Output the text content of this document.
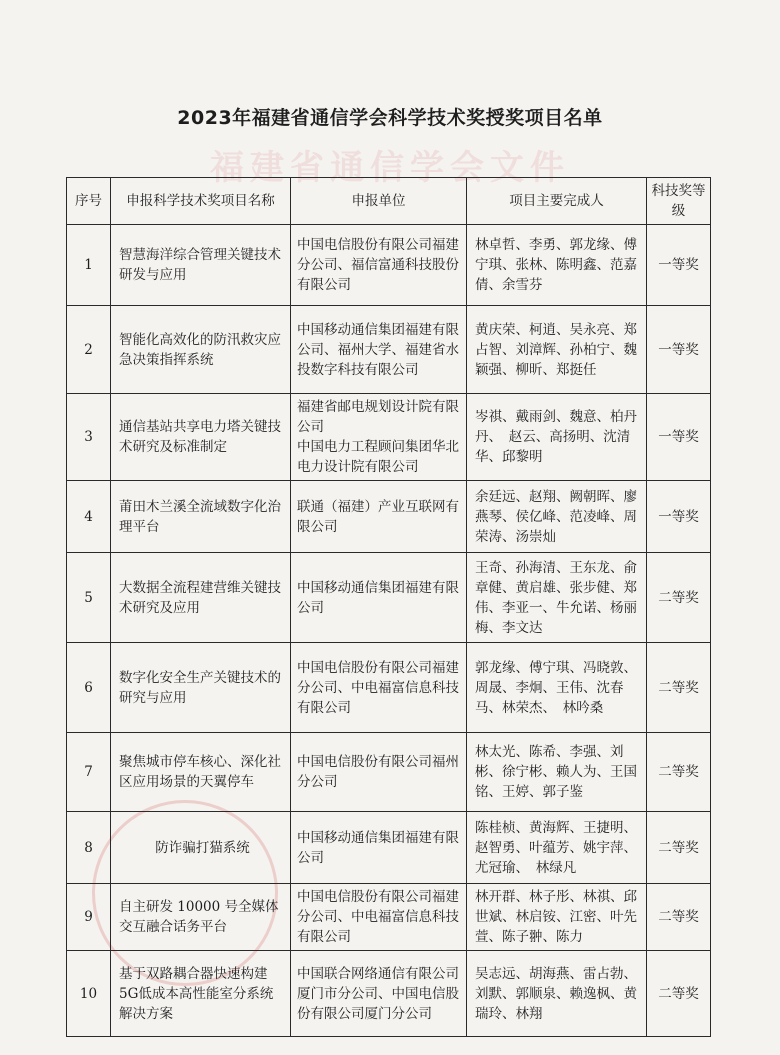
福建省通信学会文件
2023年福建省通信学会科学技术奖授奖项目名单
序号	申报科学技术奖项目名称	申报单位	项目主要完成人	科技奖等级
1	智慧海洋综合管理关键技术研发与应用	中国电信股份有限公司福建分公司、福信富通科技股份有限公司	林卓哲、李勇、郭龙缘、傅宁琪、张林、陈明鑫、范嘉倩、余雪芬	一等奖
2	智能化高效化的防汛救灾应急决策指挥系统	中国移动通信集团福建有限公司、福州大学、福建省水投数字科技有限公司	黄庆荣、柯逍、吴永亮、郑占智、刘漳辉、孙柏宁、魏颖强、柳昕、郑挺任	一等奖
3	通信基站共享电力塔关键技术研究及标准制定	福建省邮电规划设计院有限公司
中国电力工程顾问集团华北电力设计院有限公司	岑祺、戴雨剑、魏意、柏丹丹、　赵云、高扬明、沈清华、邱黎明	一等奖
4	莆田木兰溪全流域数字化治理平台	联通（福建）产业互联网有限公司	余廷远、赵翔、阙朝晖、廖燕琴、侯亿峰、范凌峰、周荣涛、汤崇灿	一等奖
5	大数据全流程建营维关键技术研究及应用	中国移动通信集团福建有限公司	王奇、孙海清、王东龙、俞章健、黄启雄、张步健、郑伟、李亚一、牛允诺、杨丽梅、李文达	二等奖
6	数字化安全生产关键技术的研究与应用	中国电信股份有限公司福建分公司、中电福富信息科技有限公司	郭龙缘、傅宁琪、冯晓敦、周晟、李炯、王伟、沈春马、林荣杰、　林吟桑	二等奖
7	聚焦城市停车核心、深化社区应用场景的天翼停车	中国电信股份有限公司福州分公司	林太光、陈希、李强、刘彬、徐宁彬、赖人为、王国铭、王婷、郭子鉴	二等奖
8	防诈骗打猫系统	中国移动通信集团福建有限公司	陈桂桢、黄海辉、王捷明、赵智勇、叶蕴芳、姚宇萍、尤冠瑜、　林绿凡	二等奖
9	自主研发 10000 号全媒体交互融合话务平台	中国电信股份有限公司福建分公司、中电福富信息科技有限公司	林开群、林子彤、林祺、邱世斌、林启铵、江密、叶先萱、陈子翀、陈力	二等奖
10	基于双路耦合器快速构建5G低成本高性能室分系统解决方案	中国联合网络通信有限公司厦门市分公司、中国电信股份有限公司厦门分公司	吴志远、胡海燕、雷占勃、刘默、郭顺泉、赖逸枫、黄瑞玲、林翔	二等奖
